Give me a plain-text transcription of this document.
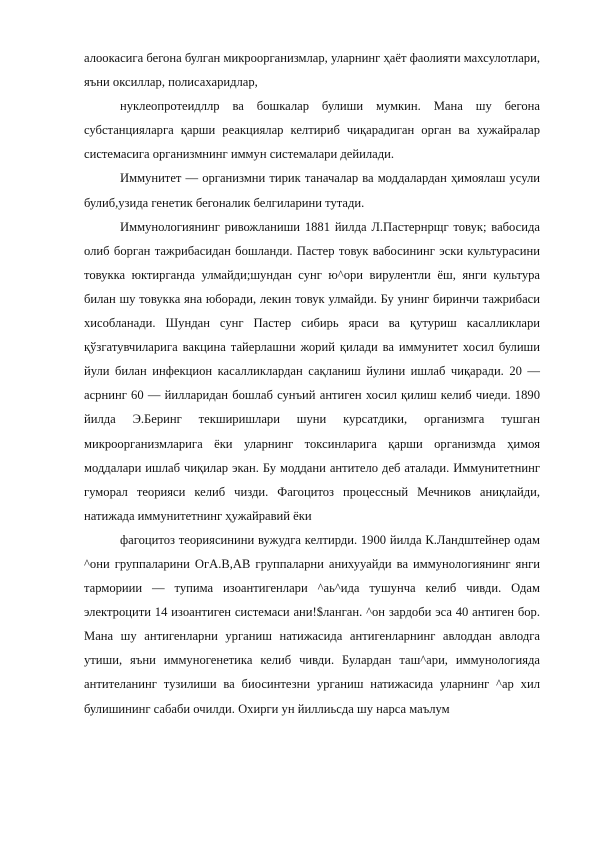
алоокасига бегона булган микроорганизмлар, уларнинг ҳаёт фаолияти махсулотлари, яъни оксиллар, полисахаридлар,

нуклеопротеидллр ва бошкалар булиши мумкин. Мана шу бегона субстанцияларга қарши реакциялар келтириб чиқарадиган орган ва хужайралар системасига организмнинг иммун системалари дейилади.

Иммунитет — организмни тирик таначалар ва моддалардан ҳимоялаш усули булиб,узида генетик бегоналик белгиларини тутади.

Иммунологиянинг ривожланиши 1881 йилда Л.Пастернрщг товук; вабосида олиб борган тажрибасидан бошланди. Пастер товук вабосининг эски культурасини товукка юктирганда улмайди;шундан сунг ю^ори вирулентли ёш, янги культура билан шу товукка яна юборади, лекин товук улмайди. Бу унинг биринчи тажрибаси хисобланади. Шундан сунг Пастер сибирь яраси ва қутуриш касалликлари қўзгатувчиларига вакцина тайерлашни жорий қилади ва иммунитет хосил булиши йули билан инфекцион касалликлардан сақланиш йулини ишлаб чиқаради. 20 — асрнинг 60 — йилларидан бошлаб сунъий антиген хосил қилиш келиб чиеди. 1890 йилда Э.Беринг текширишлари шуни курсатдики, организмга тушган микроорганизмларига ёки уларнинг токсинларига қарши организмда ҳимоя моддалари ишлаб чиқилар экан. Бу моддани антитело деб аталади. Иммунитетнинг гуморал теорияси келиб чизди. Фагоцитоз процессный Мечников аниқлайди, натижада иммунитетнинг ҳужайравий ёки

фагоцитоз теориясинини вужудга келтирди. 1900 йилда К.Ландштейнер одам ^они группаларини ОгА.В,АВ группаларни анихууайди ва иммунологиянинг янги тармориии — тупима изоантигенлари ^аь^ида тушунча келиб чивди. Одам электроцити 14 изоантиген системаси ани!$ланган. ^он зардоби эса 40 антиген бор. Мана шу антигенларни урганиш натижасида антигенларнинг авлоддан авлодга утиши, яъни иммуногенетика келиб чивди. Булардан таш^ари, иммунологияда антителанинг тузилиши ва биосинтезни урганиш натижасида уларнинг ^ар хил булишининг сабаби очилди. Охирги ун йиллиьсда шу нарса маълум
